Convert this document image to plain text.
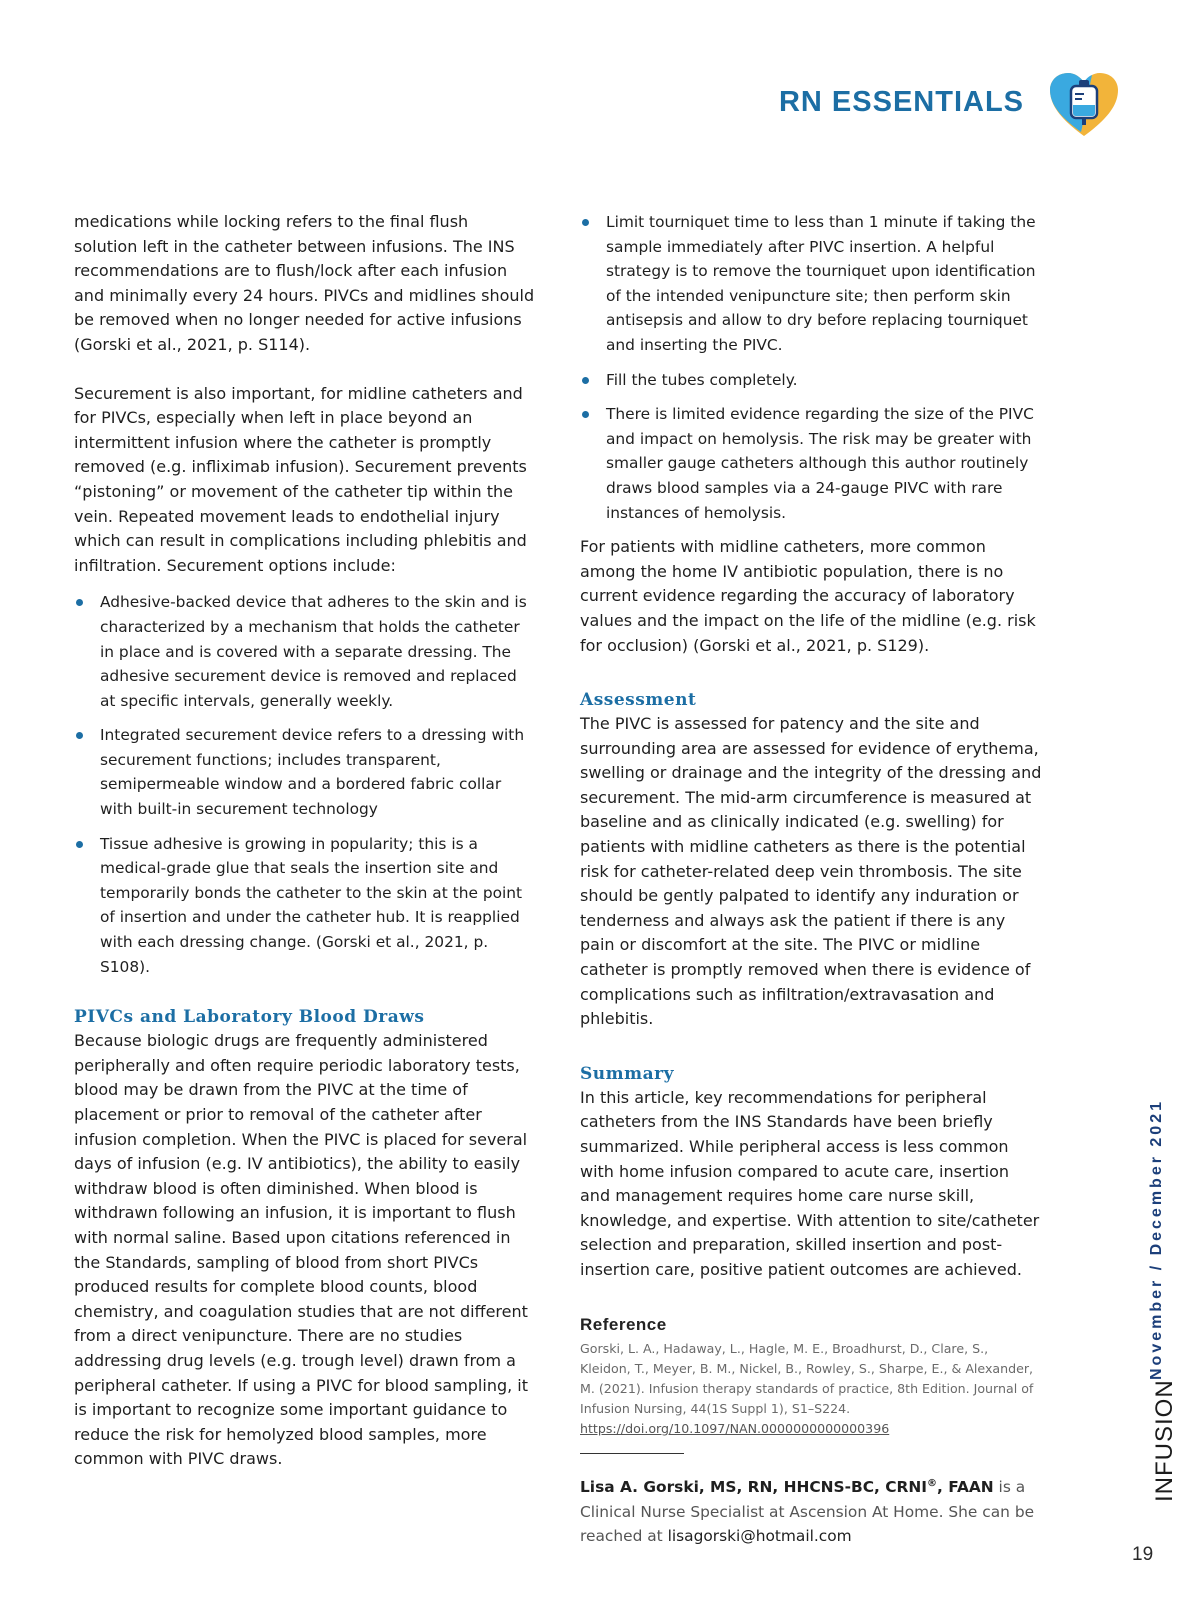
RN ESSENTIALS

medications while locking refers to the final flush solution left in the catheter between infusions. The INS recommendations are to flush/lock after each infusion and minimally every 24 hours. PIVCs and midlines should be removed when no longer needed for active infusions (Gorski et al., 2021, p. S114).

Securement is also important, for midline catheters and for PIVCs, especially when left in place beyond an intermittent infusion where the catheter is promptly removed (e.g. infliximab infusion). Securement prevents “pistoning” or movement of the catheter tip within the vein. Repeated movement leads to endothelial injury which can result in complications including phlebitis and infiltration. Securement options include:

Adhesive-backed device that adheres to the skin and is characterized by a mechanism that holds the catheter in place and is covered with a separate dressing. The adhesive securement device is removed and replaced at specific intervals, generally weekly.
Integrated securement device refers to a dressing with securement functions; includes transparent, semipermeable window and a bordered fabric collar with built-in securement technology
Tissue adhesive is growing in popularity; this is a medical-grade glue that seals the insertion site and temporarily bonds the catheter to the skin at the point of insertion and under the catheter hub. It is reapplied with each dressing change. (Gorski et al., 2021, p. S108).
PIVCs and Laboratory Blood Draws

Because biologic drugs are frequently administered peripherally and often require periodic laboratory tests, blood may be drawn from the PIVC at the time of placement or prior to removal of the catheter after infusion completion. When the PIVC is placed for several days of infusion (e.g. IV antibiotics), the ability to easily withdraw blood is often diminished. When blood is withdrawn following an infusion, it is important to flush with normal saline. Based upon citations referenced in the Standards, sampling of blood from short PIVCs produced results for complete blood counts, blood chemistry, and coagulation studies that are not different from a direct venipuncture. There are no studies addressing drug levels (e.g. trough level) drawn from a peripheral catheter. If using a PIVC for blood sampling, it is important to recognize some important guidance to reduce the risk for hemolyzed blood samples, more common with PIVC draws.

Limit tourniquet time to less than 1 minute if taking the sample immediately after PIVC insertion. A helpful strategy is to remove the tourniquet upon identification of the intended venipuncture site; then perform skin antisepsis and allow to dry before replacing tourniquet and inserting the PIVC.
Fill the tubes completely.
There is limited evidence regarding the size of the PIVC and impact on hemolysis. The risk may be greater with smaller gauge catheters although this author routinely draws blood samples via a 24-gauge PIVC with rare instances of hemolysis.

For patients with midline catheters, more common among the home IV antibiotic population, there is no current evidence regarding the accuracy of laboratory values and the impact on the life of the midline (e.g. risk for occlusion) (Gorski et al., 2021, p. S129).

Assessment

The PIVC is assessed for patency and the site and surrounding area are assessed for evidence of erythema, swelling or drainage and the integrity of the dressing and securement. The mid-arm circumference is measured at baseline and as clinically indicated (e.g. swelling) for patients with midline catheters as there is the potential risk for catheter-related deep vein thrombosis. The site should be gently palpated to identify any induration or tenderness and always ask the patient if there is any pain or discomfort at the site. The PIVC or midline catheter is promptly removed when there is evidence of complications such as infiltration/extravasation and phlebitis.

Summary

In this article, key recommendations for peripheral catheters from the INS Standards have been briefly summarized. While peripheral access is less common with home infusion compared to acute care, insertion and management requires home care nurse skill, knowledge, and expertise. With attention to site/catheter selection and preparation, skilled insertion and post-insertion care, positive patient outcomes are achieved.

Reference

Gorski, L. A., Hadaway, L., Hagle, M. E., Broadhurst, D., Clare, S., Kleidon, T., Meyer, B. M., Nickel, B., Rowley, S., Sharpe, E., & Alexander, M. (2021). Infusion therapy standards of practice, 8th Edition. Journal of Infusion Nursing, 44(1S Suppl 1), S1–S224. https://doi.org/10.1097/NAN.0000000000000396

Lisa A. Gorski, MS, RN, HHCNS-BC, CRNI®, FAAN is a Clinical Nurse Specialist at Ascension At Home. She can be reached at lisagorski@hotmail.com

November / December 2021
INFUSION
19
